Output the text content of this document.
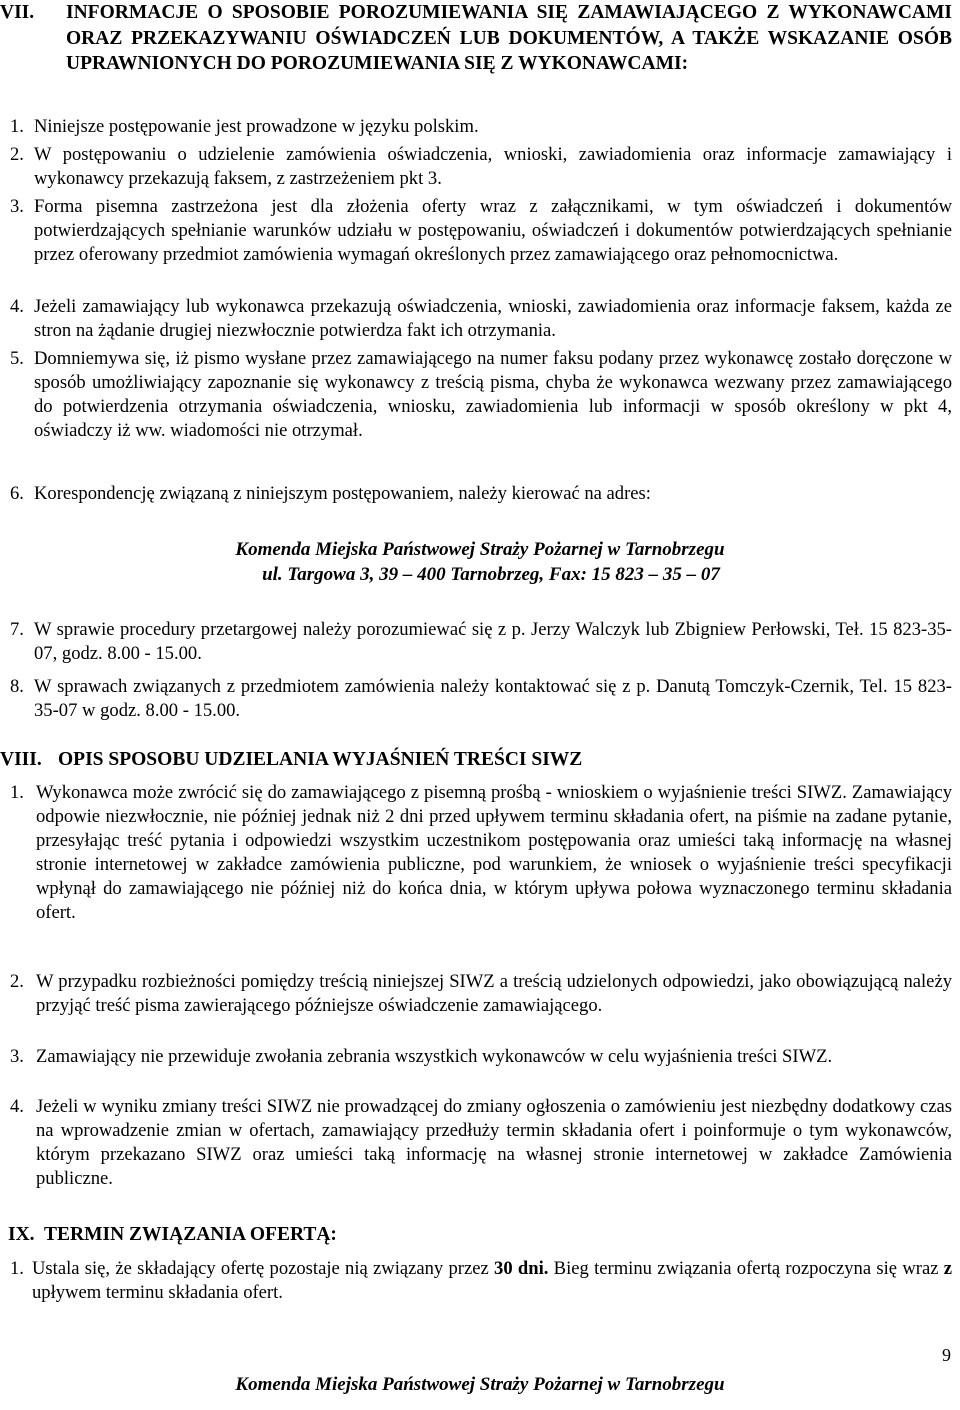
VII.	INFORMACJE O SPOSOBIE POROZUMIEWANIA SIĘ ZAMAWIAJĄCEGO Z WYKONAWCAMI ORAZ PRZEKAZYWANIU OŚWIADCZEŃ LUB DOKUMENTÓW, A TAKŻE WSKAZANIE OSÓB UPRAWNIONYCH DO POROZUMIEWANIA SIĘ Z WYKONAWCAMI:
1. Niniejsze postępowanie jest prowadzone w języku polskim.
2. W postępowaniu o udzielenie zamówienia oświadczenia, wnioski, zawiadomienia oraz informacje zamawiający i wykonawcy przekazują faksem, z zastrzeżeniem pkt 3.
3. Forma pisemna zastrzeżona jest dla złożenia oferty wraz z załącznikami, w tym oświadczeń i dokumentów potwierdzających spełnianie warunków udziału w postępowaniu, oświadczeń i dokumentów potwierdzających spełnianie przez oferowany przedmiot zamówienia wymagań określonych przez zamawiającego oraz pełnomocnictwa.
4. Jeżeli zamawiający lub wykonawca przekazują oświadczenia, wnioski, zawiadomienia oraz informacje faksem, każda ze stron na żądanie drugiej niezwłocznie potwierdza fakt ich otrzymania.
5. Domniemywa się, iż pismo wysłane przez zamawiającego na numer faksu podany przez wykonawcę zostało doręczone w sposób umożliwiający zapoznanie się wykonawcy z treścią pisma, chyba że wykonawca wezwany przez zamawiającego do potwierdzenia otrzymania oświadczenia, wniosku, zawiadomienia lub informacji w sposób określony w pkt 4, oświadczy iż ww. wiadomości nie otrzymał.
6. Korespondencję związaną z niniejszym postępowaniem, należy kierować na adres:
Komenda Miejska Państwowej Straży Pożarnej w Tarnobrzegu
ul. Targowa 3, 39 – 400 Tarnobrzeg, Fax: 15 823 – 35 – 07
7. W sprawie procedury przetargowej należy porozumiewać się z p. Jerzy Walczyk lub Zbigniew Perłowski, Teł. 15 823-35-07, godz. 8.00 - 15.00.
8. W sprawach związanych z przedmiotem zamówienia należy kontaktować się z p. Danutą Tomczyk-Czernik, Tel. 15 823-35-07 w godz. 8.00 - 15.00.
VIII. OPIS SPOSOBU UDZIELANIA WYJAŚNIEŃ TREŚCI SIWZ
1. Wykonawca może zwrócić się do zamawiającego z pisemną prośbą - wnioskiem o wyjaśnienie treści SIWZ. Zamawiający odpowie niezwłocznie, nie później jednak niż 2 dni przed upływem terminu składania ofert, na piśmie na zadane pytanie, przesyłając treść pytania i odpowiedzi wszystkim uczestnikom postępowania oraz umieści taką informację na własnej stronie internetowej w zakładce zamówienia publiczne, pod warunkiem, że wniosek o wyjaśnienie treści specyfikacji wpłynął do zamawiającego nie później niż do końca dnia, w którym upływa połowa wyznaczonego terminu składania ofert.
2. W przypadku rozbieżności pomiędzy treścią niniejszej SIWZ a treścią udzielonych odpowiedzi, jako obowiązującą należy przyjąć treść pisma zawierającego późniejsze oświadczenie zamawiającego.
3. Zamawiający nie przewiduje zwołania zebrania wszystkich wykonawców w celu wyjaśnienia treści SIWZ.
4. Jeżeli w wyniku zmiany treści SIWZ nie prowadzącej do zmiany ogłoszenia o zamówieniu jest niezbędny dodatkowy czas na wprowadzenie zmian w ofertach, zamawiający przedłuży termin składania ofert i poinformuje o tym wykonawców, którym przekazano SIWZ oraz umieści taką informację na własnej stronie internetowej w zakładce Zamówienia publiczne.
IX. TERMIN ZWIĄZANIA OFERTĄ:
1. Ustala się, że składający ofertę pozostaje nią związany przez 30 dni. Bieg terminu związania ofertą rozpoczyna się wraz z upływem terminu składania ofert.
9
Komenda Miejska Państwowej Straży Pożarnej w Tarnobrzegu
